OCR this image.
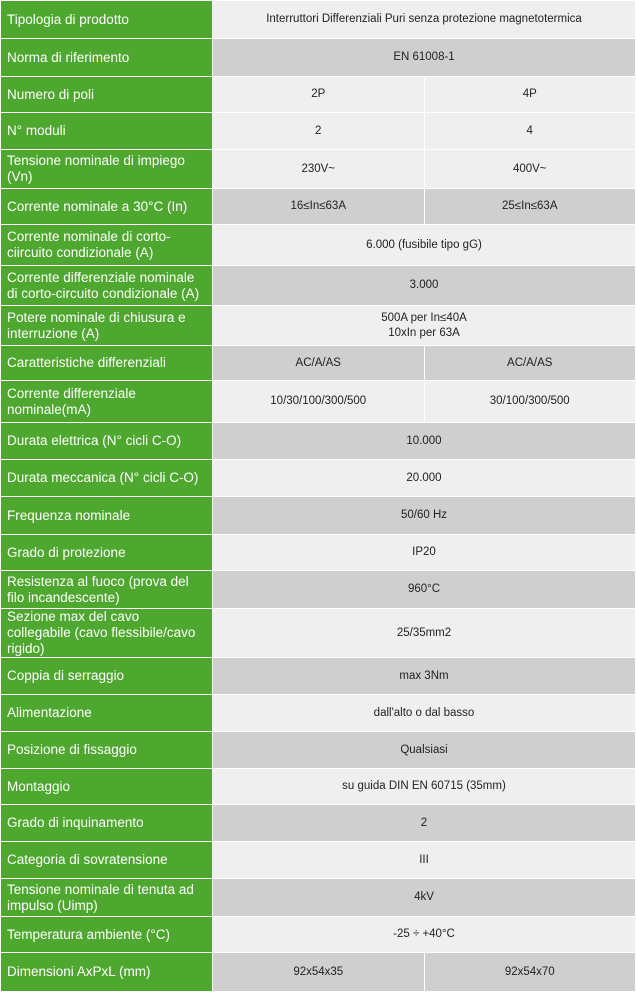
Tipologia di prodotto	Interruttori Differenziali Puri senza protezione magnetotermica	
Norma di riferimento	EN 61008-1	
Numero di poli	2P	4P
N° moduli	2	4
Tensione nominale di impiego (Vn)	230V~	400V~
Corrente nominale a 30°C (In)	16≤In≤63A	25≤In≤63A
Corrente nominale di corto-ciircuito condizionale (A)	6.000 (fusibile tipo gG)	
Corrente differenziale nominale di corto-circuito condizionale (A)	3.000	
Potere nominale di chiusura e interruzione (A)	500A per In≤40A
10xIn per 63A	
Caratteristiche differenziali	AC/A/AS	AC/A/AS
Corrente differenziale nominale(mA)	10/30/100/300/500	30/100/300/500
Durata elettrica (N° cicli C-O)	10.000	
Durata meccanica (N° cicli C-O)	20.000	
Frequenza nominale	50/60 Hz	
Grado di protezione	IP20	
Resistenza al fuoco (prova del filo incandescente)	960°C	
Sezione max del cavo collegabile (cavo flessibile/cavo rigido)	25/35mm2	
Coppia di serraggio	max 3Nm	
Alimentazione	dall'alto o dal basso	
Posizione di fissaggio	Qualsiasi	
Montaggio	su guida DIN EN 60715 (35mm)	
Grado di inquinamento	2	
Categoria di sovratensione	III	
Tensione nominale di tenuta ad impulso (Uimp)	4kV	
Temperatura ambiente (°C)	-25 ÷ +40°C	
Dimensioni AxPxL (mm)	92x54x35	92x54x70
